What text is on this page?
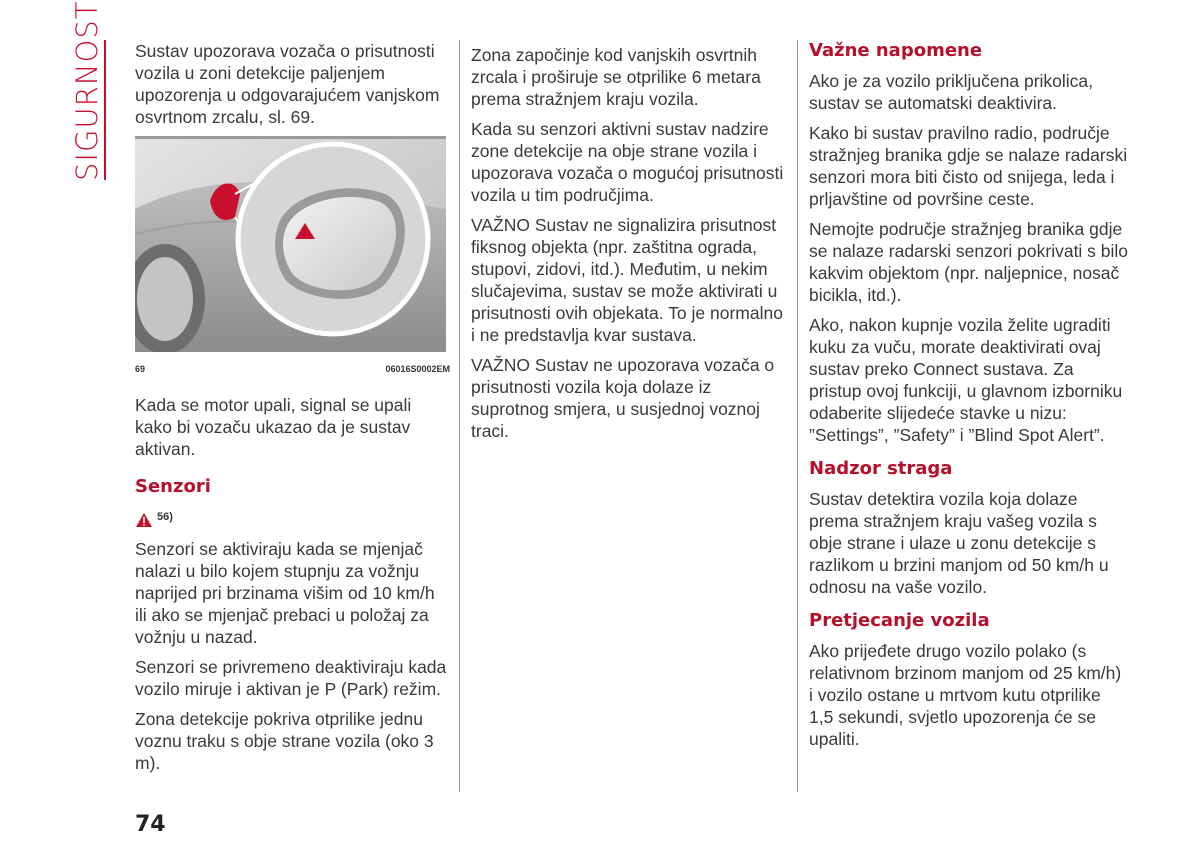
SIGURNOST Sustav upozorava vozača o prisutnosti vozila u zoni detekcije paljenjem upozorenja u odgovarajućem vanjskom osvrtnom zrcalu, sl. 69.

69	06016S0002EM

Kada se motor upali, signal se upali kako bi vozaču ukazao da je sustav aktivan.

Senzori
56)

Senzori se aktiviraju kada se mjenjač nalazi u bilo kojem stupnju za vožnju naprijed pri brzinama višim od 10 km/h ili ako se mjenjač prebaci u položaj za vožnju u nazad.

Senzori se privremeno deaktiviraju kada vozilo miruje i aktivan je P (Park) režim.

Zona detekcije pokriva otprilike jednu voznu traku s obje strane vozila (oko 3 m).

Zona započinje kod vanjskih osvrtnih zrcala i proširuje se otprilike 6 metara prema stražnjem kraju vozila.

Kada su senzori aktivni sustav nadzire zone detekcije na obje strane vozila i upozorava vozača o mogućoj prisutnosti vozila u tim područjima.

VAŽNO Sustav ne signalizira prisutnost fiksnog objekta (npr. zaštitna ograda, stupovi, zidovi, itd.). Međutim, u nekim slučajevima, sustav se može aktivirati u prisutnosti ovih objekata. To je normalno i ne predstavlja kvar sustava.

VAŽNO Sustav ne upozorava vozača o prisutnosti vozila koja dolaze iz suprotnog smjera, u susjednoj voznoj traci.

Važne napomene

Ako je za vozilo priključena prikolica, sustav se automatski deaktivira.

Kako bi sustav pravilno radio, područje stražnjeg branika gdje se nalaze radarski senzori mora biti čisto od snijega, leda i prljavštine od površine ceste.

Nemojte područje stražnjeg branika gdje se nalaze radarski senzori pokrivati s bilo kakvim objektom (npr. naljepnice, nosač bicikla, itd.).

Ako, nakon kupnje vozila želite ugraditi kuku za vuču, morate deaktivirati ovaj sustav preko Connect sustava. Za pristup ovoj funkciji, u glavnom izborniku odaberite slijedeće stavke u nizu: ”Settings”, ”Safety” i ”Blind Spot Alert”.

Nadzor straga

Sustav detektira vozila koja dolaze prema stražnjem kraju vašeg vozila s obje strane i ulaze u zonu detekcije s razlikom u brzini manjom od 50 km/h u odnosu na vaše vozilo.

Pretjecanje vozila

Ako prijeđete drugo vozilo polako (s relativnom brzinom manjom od 25 km/h) i vozilo ostane u mrtvom kutu otprilike 1,5 sekundi, svjetlo upozorenja će se upaliti.

74
